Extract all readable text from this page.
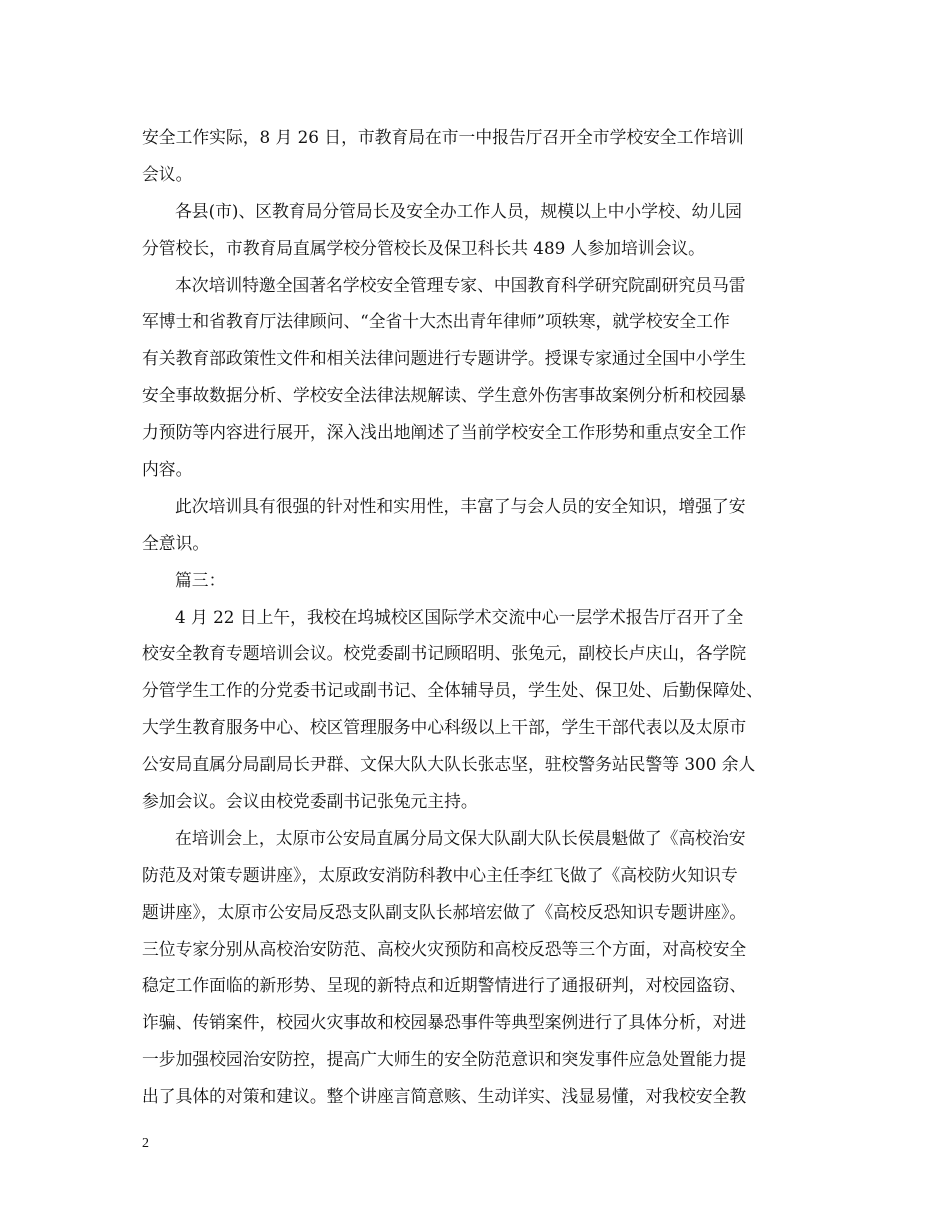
安全工作实际，8 月 26 日，市教育局在市一中报告厅召开全市学校安全工作培训
会议。
各县(市)、区教育局分管局长及安全办工作人员，规模以上中小学校、幼儿园
分管校长，市教育局直属学校分管校长及保卫科长共 489 人参加培训会议。
本次培训特邀全国著名学校安全管理专家、中国教育科学研究院副研究员马雷
军博士和省教育厅法律顾问、“全省十大杰出青年律师”项轶寒，就学校安全工作
有关教育部政策性文件和相关法律问题进行专题讲学。授课专家通过全国中小学生
安全事故数据分析、学校安全法律法规解读、学生意外伤害事故案例分析和校园暴
力预防等内容进行展开，深入浅出地阐述了当前学校安全工作形势和重点安全工作
内容。
此次培训具有很强的针对性和实用性，丰富了与会人员的安全知识，增强了安
全意识。
篇三：
4 月 22 日上午，我校在坞城校区国际学术交流中心一层学术报告厅召开了全
校安全教育专题培训会议。校党委副书记顾昭明、张兔元，副校长卢庆山，各学院
分管学生工作的分党委书记或副书记、全体辅导员，学生处、保卫处、后勤保障处、
大学生教育服务中心、校区管理服务中心科级以上干部，学生干部代表以及太原市
公安局直属分局副局长尹群、文保大队大队长张志坚，驻校警务站民警等 300 余人
参加会议。会议由校党委副书记张兔元主持。
在培训会上，太原市公安局直属分局文保大队副大队长侯晨魁做了《高校治安
防范及对策专题讲座》，太原政安消防科教中心主任李红飞做了《高校防火知识专
题讲座》，太原市公安局反恐支队副支队长郝培宏做了《高校反恐知识专题讲座》。
三位专家分别从高校治安防范、高校火灾预防和高校反恐等三个方面，对高校安全
稳定工作面临的新形势、呈现的新特点和近期警情进行了通报研判，对校园盗窃、
诈骗、传销案件，校园火灾事故和校园暴恐事件等典型案例进行了具体分析，对进
一步加强校园治安防控，提高广大师生的安全防范意识和突发事件应急处置能力提
出了具体的对策和建议。整个讲座言简意赅、生动详实、浅显易懂，对我校安全教
2
